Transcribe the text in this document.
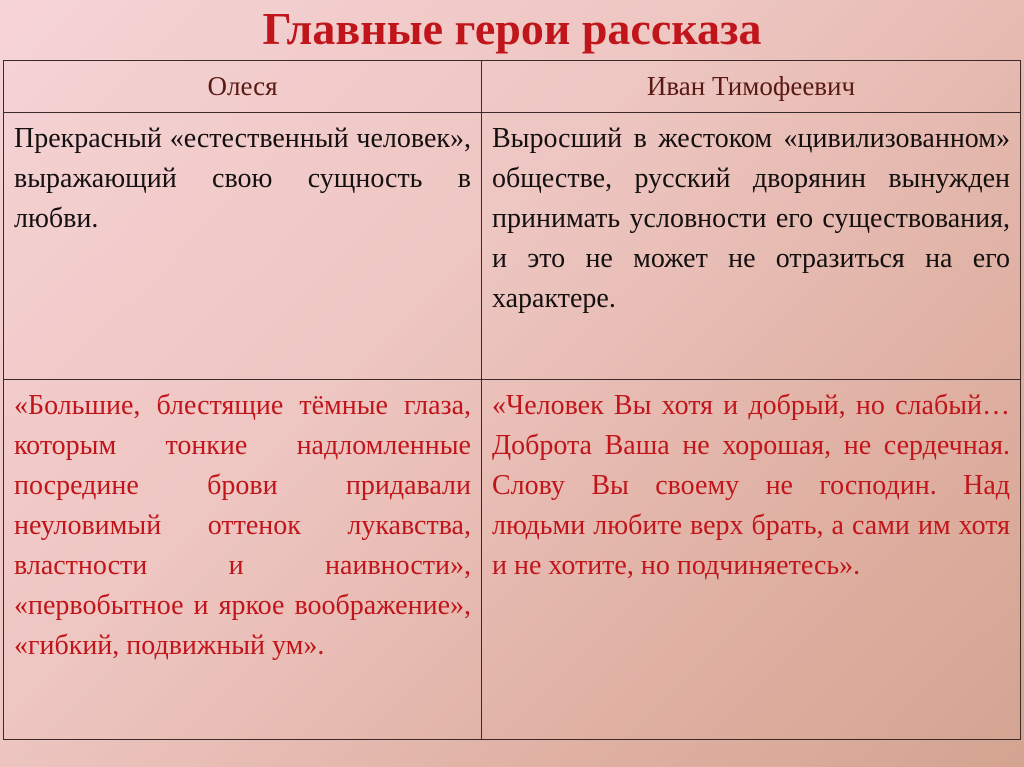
Главные герои рассказа
Олеся	Иван Тимофеевич
Прекрасный «естественный человек», выражающий свою сущность в любви.	Выросший в жестоком «цивилизованном» обществе, русский дворянин вынужден принимать условности его существования, и это не может не отразиться на его характере.
«Большие, блестящие тёмные глаза, которым тонкие надломленные посредине брови придавали неуловимый оттенок лукавства, властности и наивности», «первобытное и яркое воображение», «гибкий, подвижный ум».	«Человек Вы хотя и добрый, но слабый… Доброта Ваша не хорошая, не сердечная. Слову Вы своему не господин. Над людьми любите верх брать, а сами им хотя и не хотите, но подчиняетесь».
